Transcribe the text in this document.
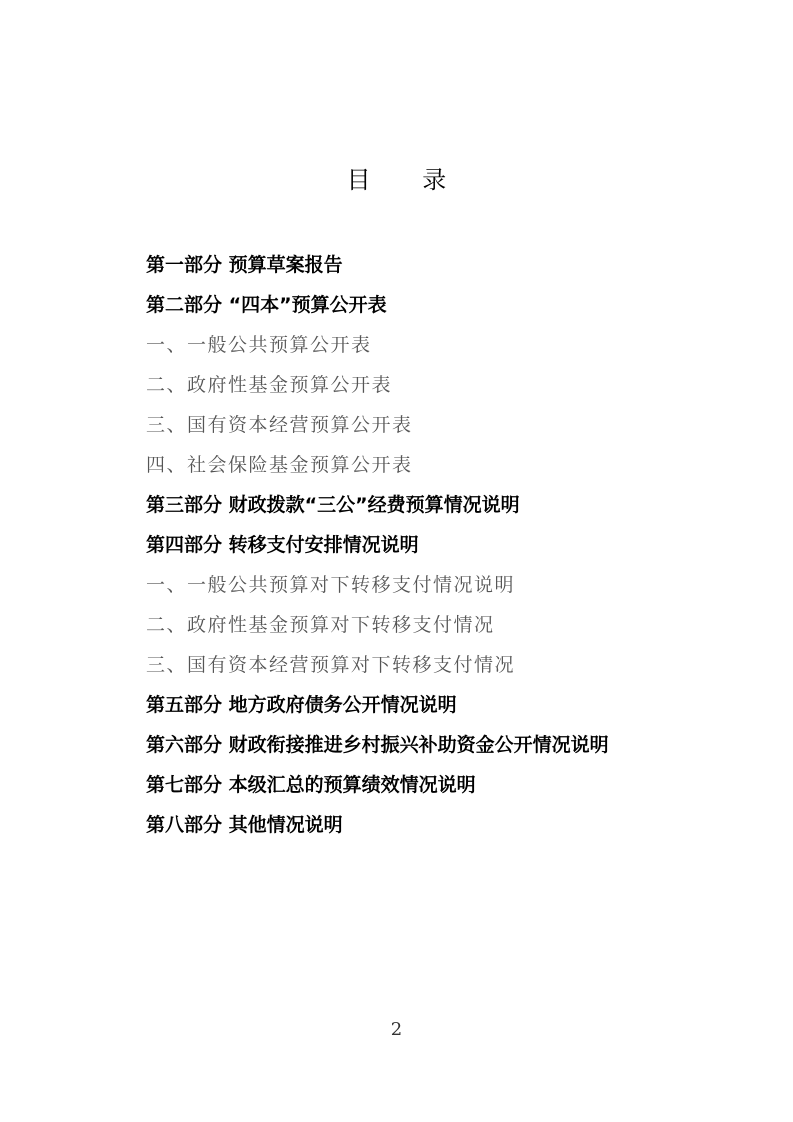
目 录
第一部分 预算草案报告
第二部分 “四本”预算公开表
一、一般公共预算公开表
二、政府性基金预算公开表
三、国有资本经营预算公开表
四、社会保险基金预算公开表
第三部分 财政拨款“三公”经费预算情况说明
第四部分 转移支付安排情况说明
一、一般公共预算对下转移支付情况说明
二、政府性基金预算对下转移支付情况
三、国有资本经营预算对下转移支付情况
第五部分 地方政府债务公开情况说明
第六部分 财政衔接推进乡村振兴补助资金公开情况说明
第七部分 本级汇总的预算绩效情况说明
第八部分 其他情况说明
2
